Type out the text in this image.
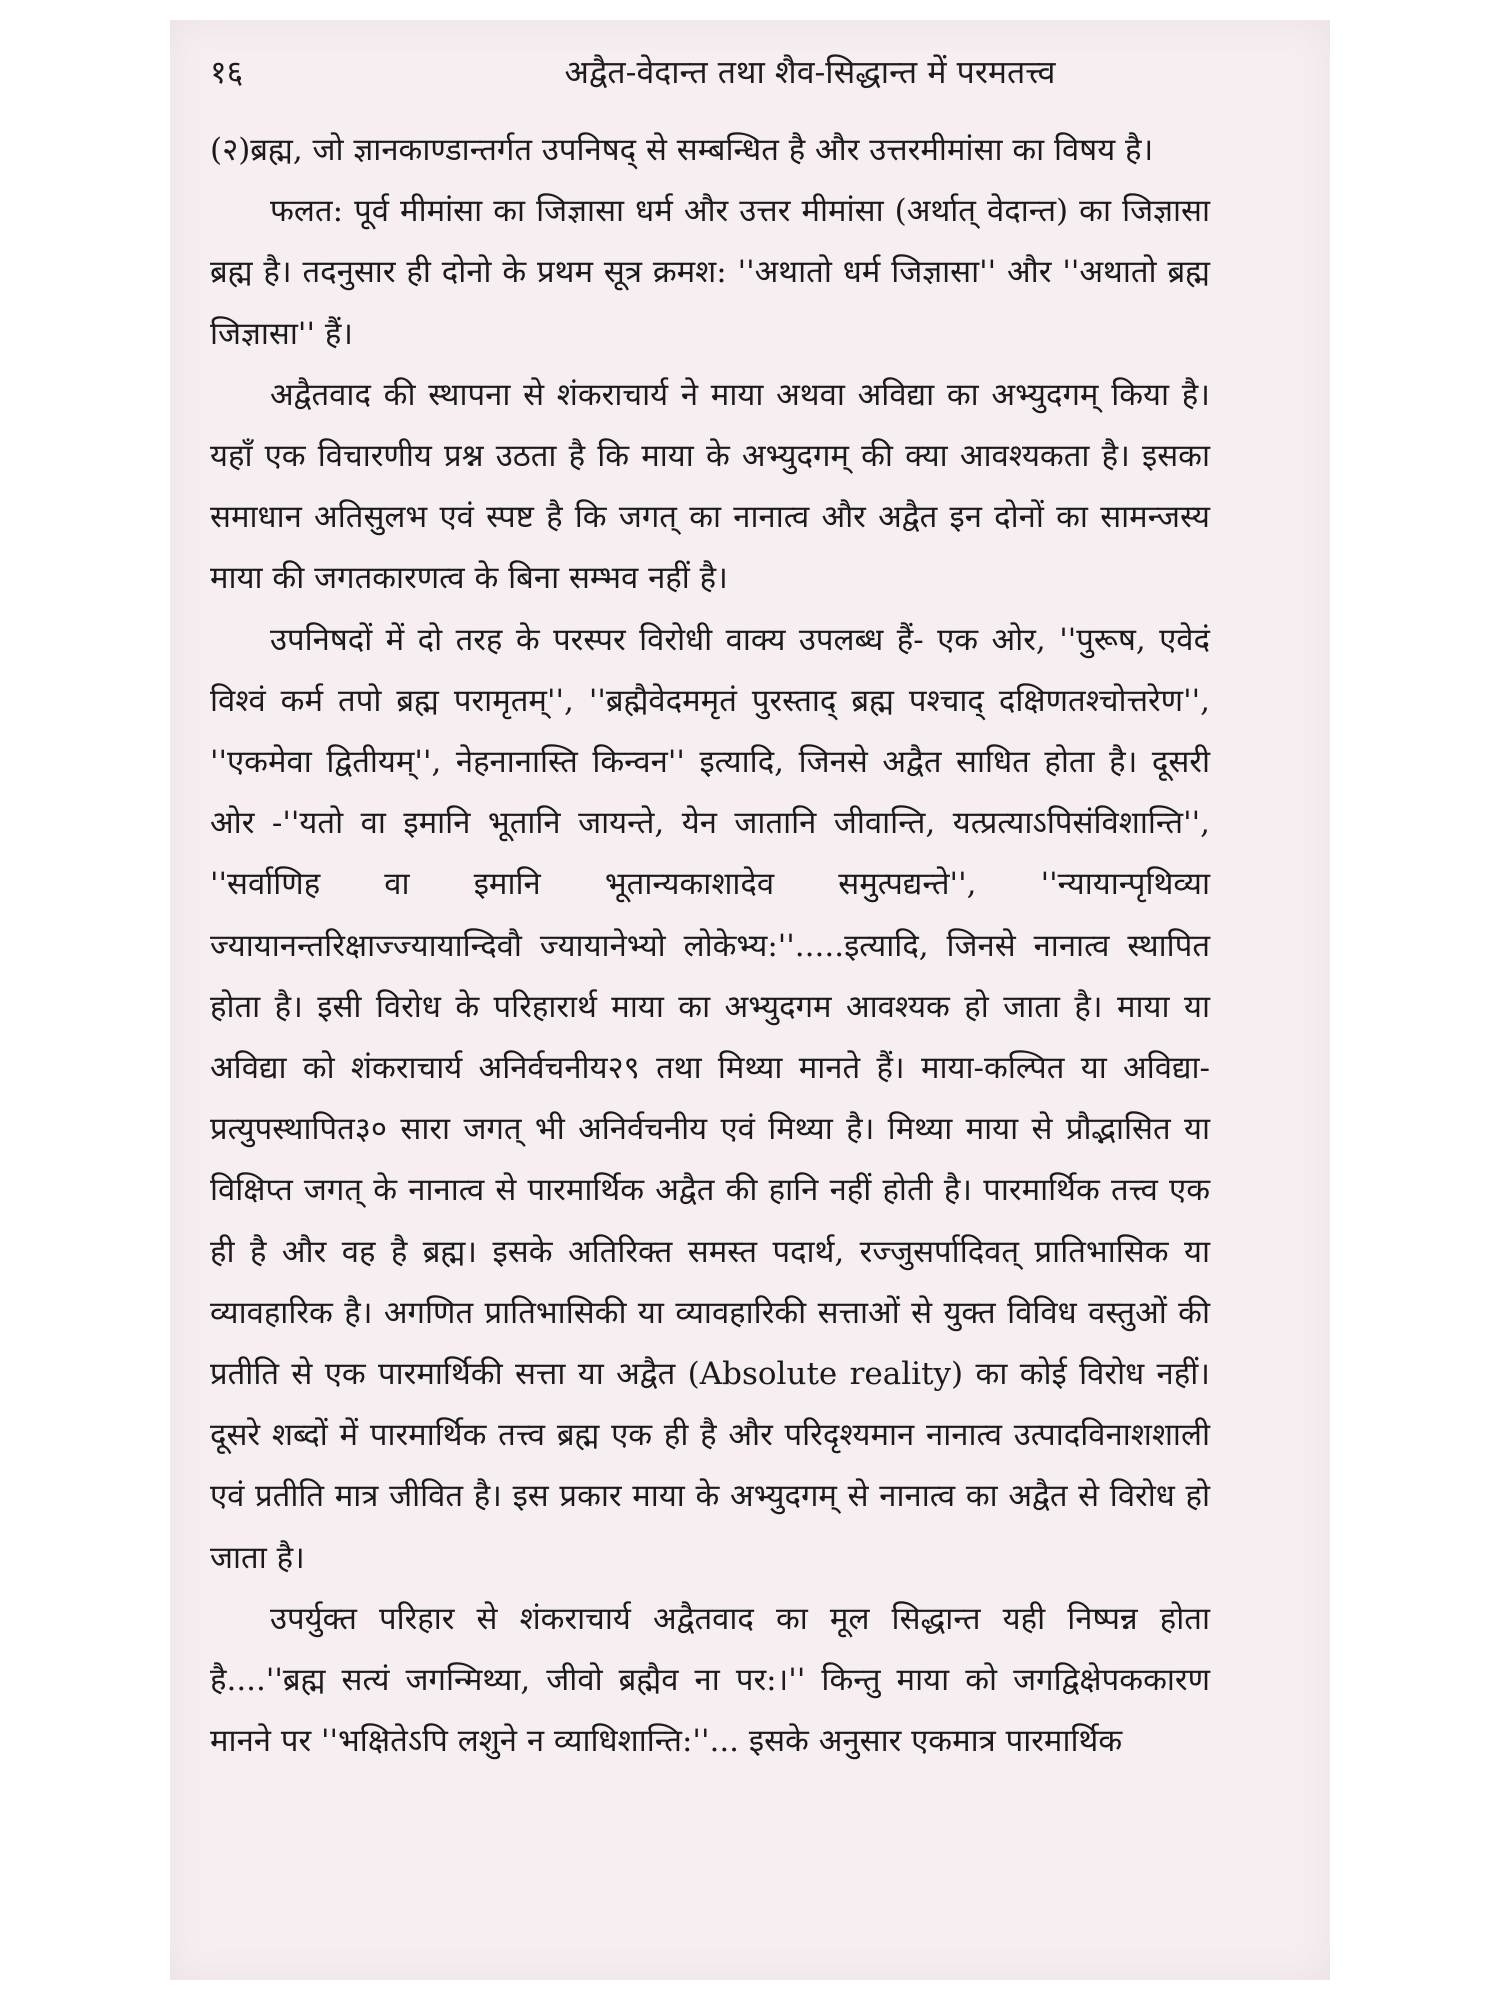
१६	अद्वैत-वेदान्त तथा शैव-सिद्धान्त में परमतत्त्व

(२)ब्रह्म, जो ज्ञानकाण्डान्तर्गत उपनिषद् से सम्बन्धित है और उत्तरमीमांसा का विषय है।

फलत: पूर्व मीमांसा का जिज्ञासा धर्म और उत्तर मीमांसा (अर्थात् वेदान्त) का जिज्ञासा ब्रह्म है। तदनुसार ही दोनो के प्रथम सूत्र क्रमश: ''अथातो धर्म जिज्ञासा'' और ''अथातो ब्रह्म जिज्ञासा'' हैं।

अद्वैतवाद की स्थापना से शंकराचार्य ने माया अथवा अविद्या का अभ्युदगम् किया है। यहाँ एक विचारणीय प्रश्न उठता है कि माया के अभ्युदगम् की क्या आवश्यकता है। इसका समाधान अतिसुलभ एवं स्पष्ट है कि जगत् का नानात्व और अद्वैत इन दोनों का सामन्जस्य माया की जगतकारणत्व के बिना सम्भव नहीं है।

उपनिषदों में दो तरह के परस्पर विरोधी वाक्य उपलब्ध हैं- एक ओर, ''पुरूष, एवेदं विश्वं कर्म तपो ब्रह्म परामृतम्'', ''ब्रह्मैवेदममृतं पुरस्ताद् ब्रह्म पश्चाद् दक्षिणतश्चोत्तरेण'', ''एकमेवा द्वितीयम्'', नेहनानास्ति किन्वन'' इत्यादि, जिनसे अद्वैत साधित होता है। दूसरी ओर -''यतो वा इमानि भूतानि जायन्ते, येन जातानि जीवान्ति, यत्प्रत्याऽपिसंविशान्ति'', ''सर्वाणिह वा इमानि भूतान्यकाशादेव समुत्पद्यन्ते'', ''न्यायान्पृथिव्या ज्यायानन्तरिक्षाज्ज्यायान्दिवौ ज्यायानेभ्यो लोकेभ्य:''.....इत्यादि, जिनसे नानात्व स्थापित होता है। इसी विरोध के परिहारार्थ माया का अभ्युदगम आवश्यक हो जाता है। माया या अविद्या को शंकराचार्य अनिर्वचनीय२९ तथा मिथ्या मानते हैं। माया-कल्पित या अविद्या-प्रत्युपस्थापित३० सारा जगत् भी अनिर्वचनीय एवं मिथ्या है। मिथ्या माया से प्रौद्भासित या विक्षिप्त जगत् के नानात्व से पारमार्थिक अद्वैत की हानि नहीं होती है। पारमार्थिक तत्त्व एक ही है और वह है ब्रह्म। इसके अतिरिक्त समस्त पदार्थ, रज्जुसर्पादिवत् प्रातिभासिक या व्यावहारिक है। अगणित प्रातिभासिकी या व्यावहारिकी सत्ताओं से युक्त विविध वस्तुओं की प्रतीति से एक पारमार्थिकी सत्ता या अद्वैत (Absolute reality) का कोई विरोध नहीं। दूसरे शब्दों में पारमार्थिक तत्त्व ब्रह्म एक ही है और परिदृश्यमान नानात्व उत्पादविनाशशाली एवं प्रतीति मात्र जीवित है। इस प्रकार माया के अभ्युदगम् से नानात्व का अद्वैत से विरोध हो जाता है।

उपर्युक्त परिहार से शंकराचार्य अद्वैतवाद का मूल सिद्धान्त यही निष्पन्न होता है....''ब्रह्म सत्यं जगन्मिथ्या, जीवो ब्रह्मैव ना पर:।'' किन्तु माया को जगद्विक्षेपककारण मानने पर ''भक्षितेऽपि लशुने न व्याधिशान्ति:''... इसके अनुसार एकमात्र पारमार्थिक
